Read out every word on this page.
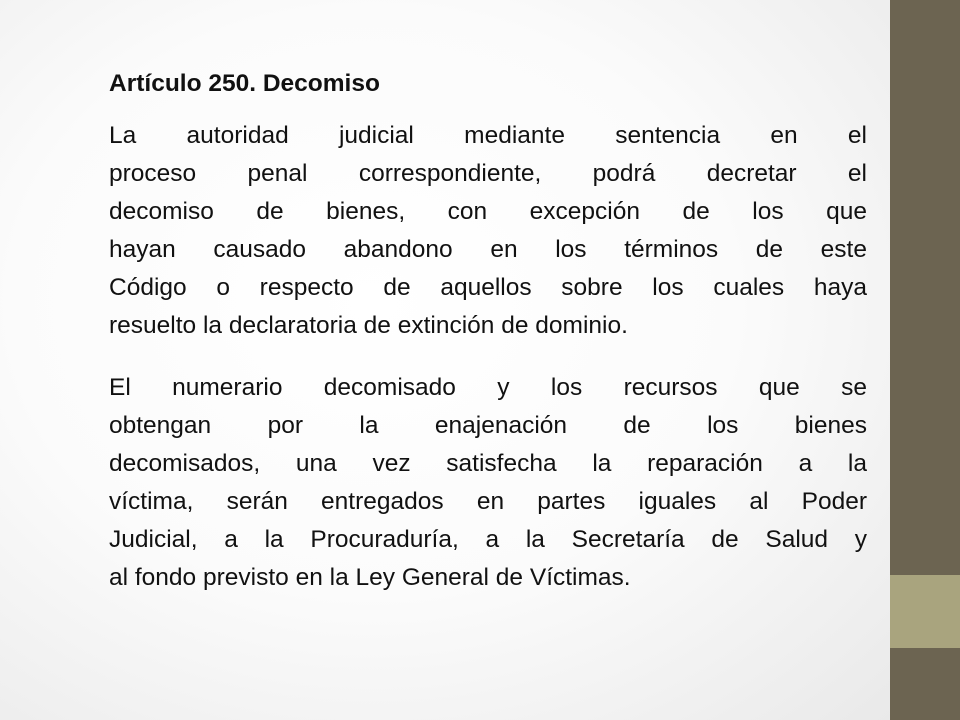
Artículo 250. Decomiso
La autoridad judicial mediante sentencia en el
proceso penal correspondiente, podrá decretar el
decomiso de bienes, con excepción de los que
hayan causado abandono en los términos de este
Código o respecto de aquellos sobre los cuales haya
resuelto la declaratoria de extinción de dominio.
El numerario decomisado y los recursos que se
obtengan por la enajenación de los bienes
decomisados, una vez satisfecha la reparación a la
víctima, serán entregados en partes iguales al Poder
Judicial, a la Procuraduría, a la Secretaría de Salud y
al fondo previsto en la Ley General de Víctimas.
